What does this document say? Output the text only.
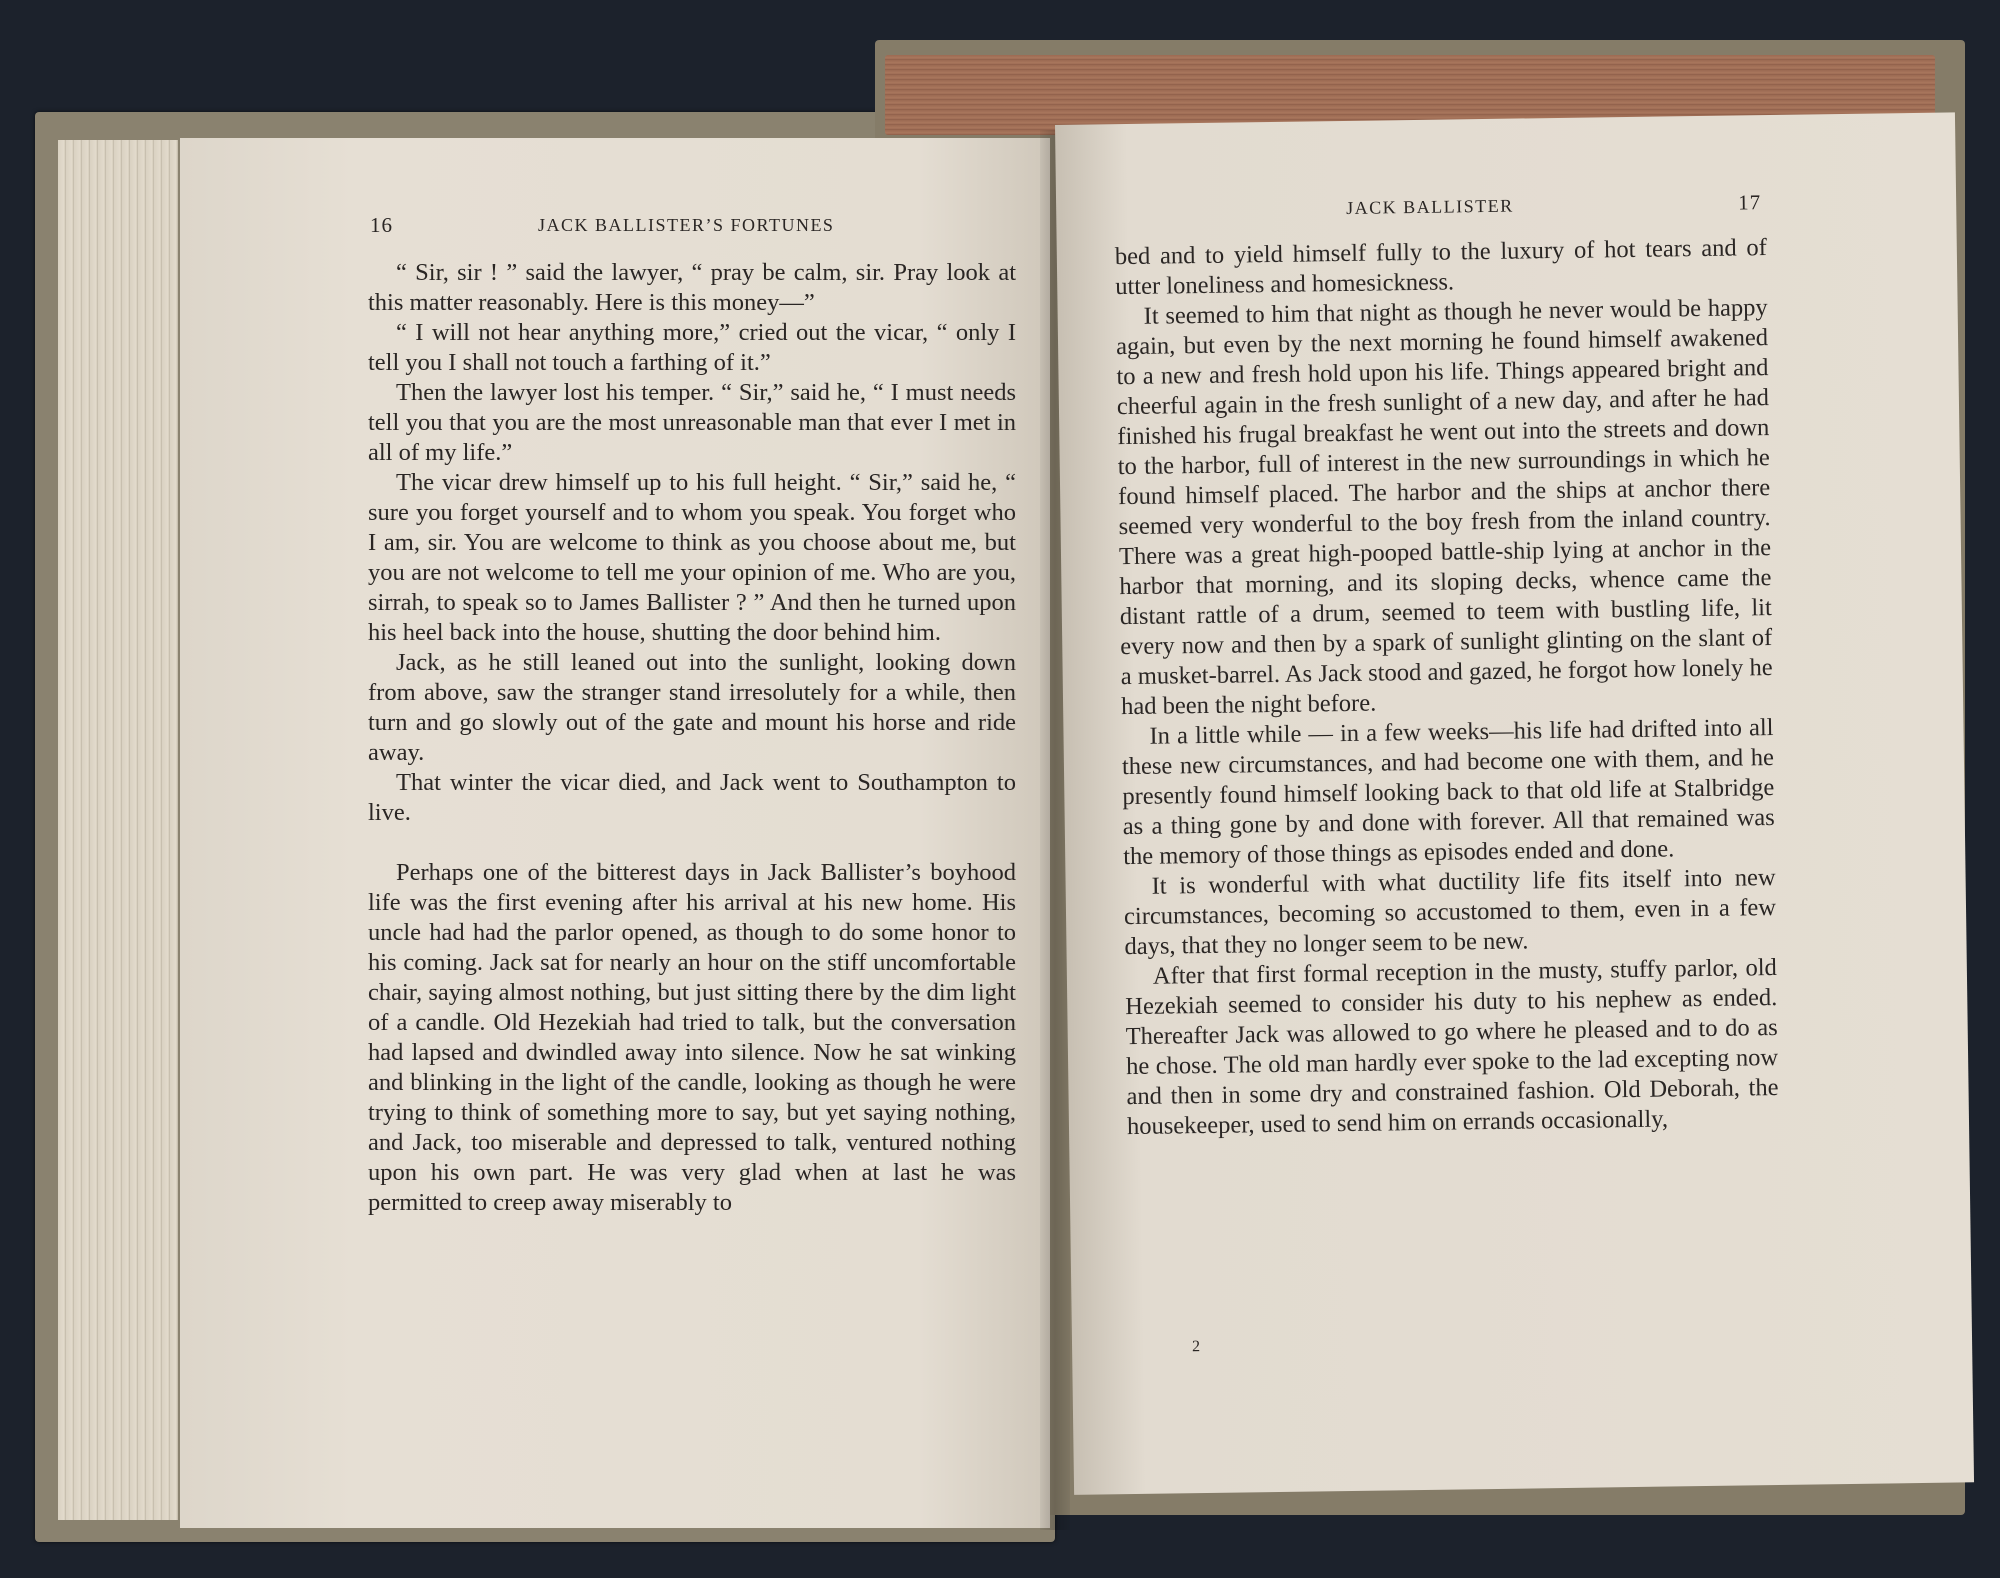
16	JACK BALLISTER’S FORTUNES

“ Sir, sir ! ” said the lawyer, “ pray be calm, sir. Pray look at this matter reasonably. Here is this money—”

“ I will not hear anything more,” cried out the vicar, “ only I tell you I shall not touch a farthing of it.”

Then the lawyer lost his temper. “ Sir,” said he, “ I must needs tell you that you are the most unreasonable man that ever I met in all of my life.”

The vicar drew himself up to his full height. “ Sir,” said he, “ sure you forget yourself and to whom you speak. You forget who I am, sir. You are welcome to think as you choose about me, but you are not welcome to tell me your opinion of me. Who are you, sirrah, to speak so to James Ballister ? ” And then he turned upon his heel back into the house, shutting the door behind him.

Jack, as he still leaned out into the sunlight, looking down from above, saw the stranger stand irresolutely for a while, then turn and go slowly out of the gate and mount his horse and ride away.

That winter the vicar died, and Jack went to Southampton to live.

Perhaps one of the bitterest days in Jack Ballister’s boyhood life was the first evening after his arrival at his new home. His uncle had had the parlor opened, as though to do some honor to his coming. Jack sat for nearly an hour on the stiff uncomfortable chair, saying almost nothing, but just sitting there by the dim light of a candle. Old Hezekiah had tried to talk, but the conversation had lapsed and dwindled away into silence. Now he sat winking and blinking in the light of the candle, looking as though he were trying to think of something more to say, but yet saying nothing, and Jack, too miserable and depressed to talk, ventured nothing upon his own part. He was very glad when at last he was permitted to creep away miserably to

JACK BALLISTER	17

bed and to yield himself fully to the luxury of hot tears and of utter loneliness and homesickness.

It seemed to him that night as though he never would be happy again, but even by the next morning he found himself awakened to a new and fresh hold upon his life. Things appeared bright and cheerful again in the fresh sunlight of a new day, and after he had finished his frugal breakfast he went out into the streets and down to the harbor, full of interest in the new surroundings in which he found himself placed. The harbor and the ships at anchor there seemed very wonderful to the boy fresh from the inland country. There was a great high-pooped battle-ship lying at anchor in the harbor that morning, and its sloping decks, whence came the distant rattle of a drum, seemed to teem with bustling life, lit every now and then by a spark of sunlight glinting on the slant of a musket-barrel. As Jack stood and gazed, he forgot how lonely he had been the night before.

In a little while — in a few weeks—his life had drifted into all these new circumstances, and had become one with them, and he presently found himself looking back to that old life at Stalbridge as a thing gone by and done with forever. All that remained was the memory of those things as episodes ended and done.

It is wonderful with what ductility life fits itself into new circumstances, becoming so accustomed to them, even in a few days, that they no longer seem to be new.

After that first formal reception in the musty, stuffy parlor, old Hezekiah seemed to consider his duty to his nephew as ended. Thereafter Jack was allowed to go where he pleased and to do as he chose. The old man hardly ever spoke to the lad excepting now and then in some dry and constrained fashion. Old Deborah, the housekeeper, used to send him on errands occasionally,

2
